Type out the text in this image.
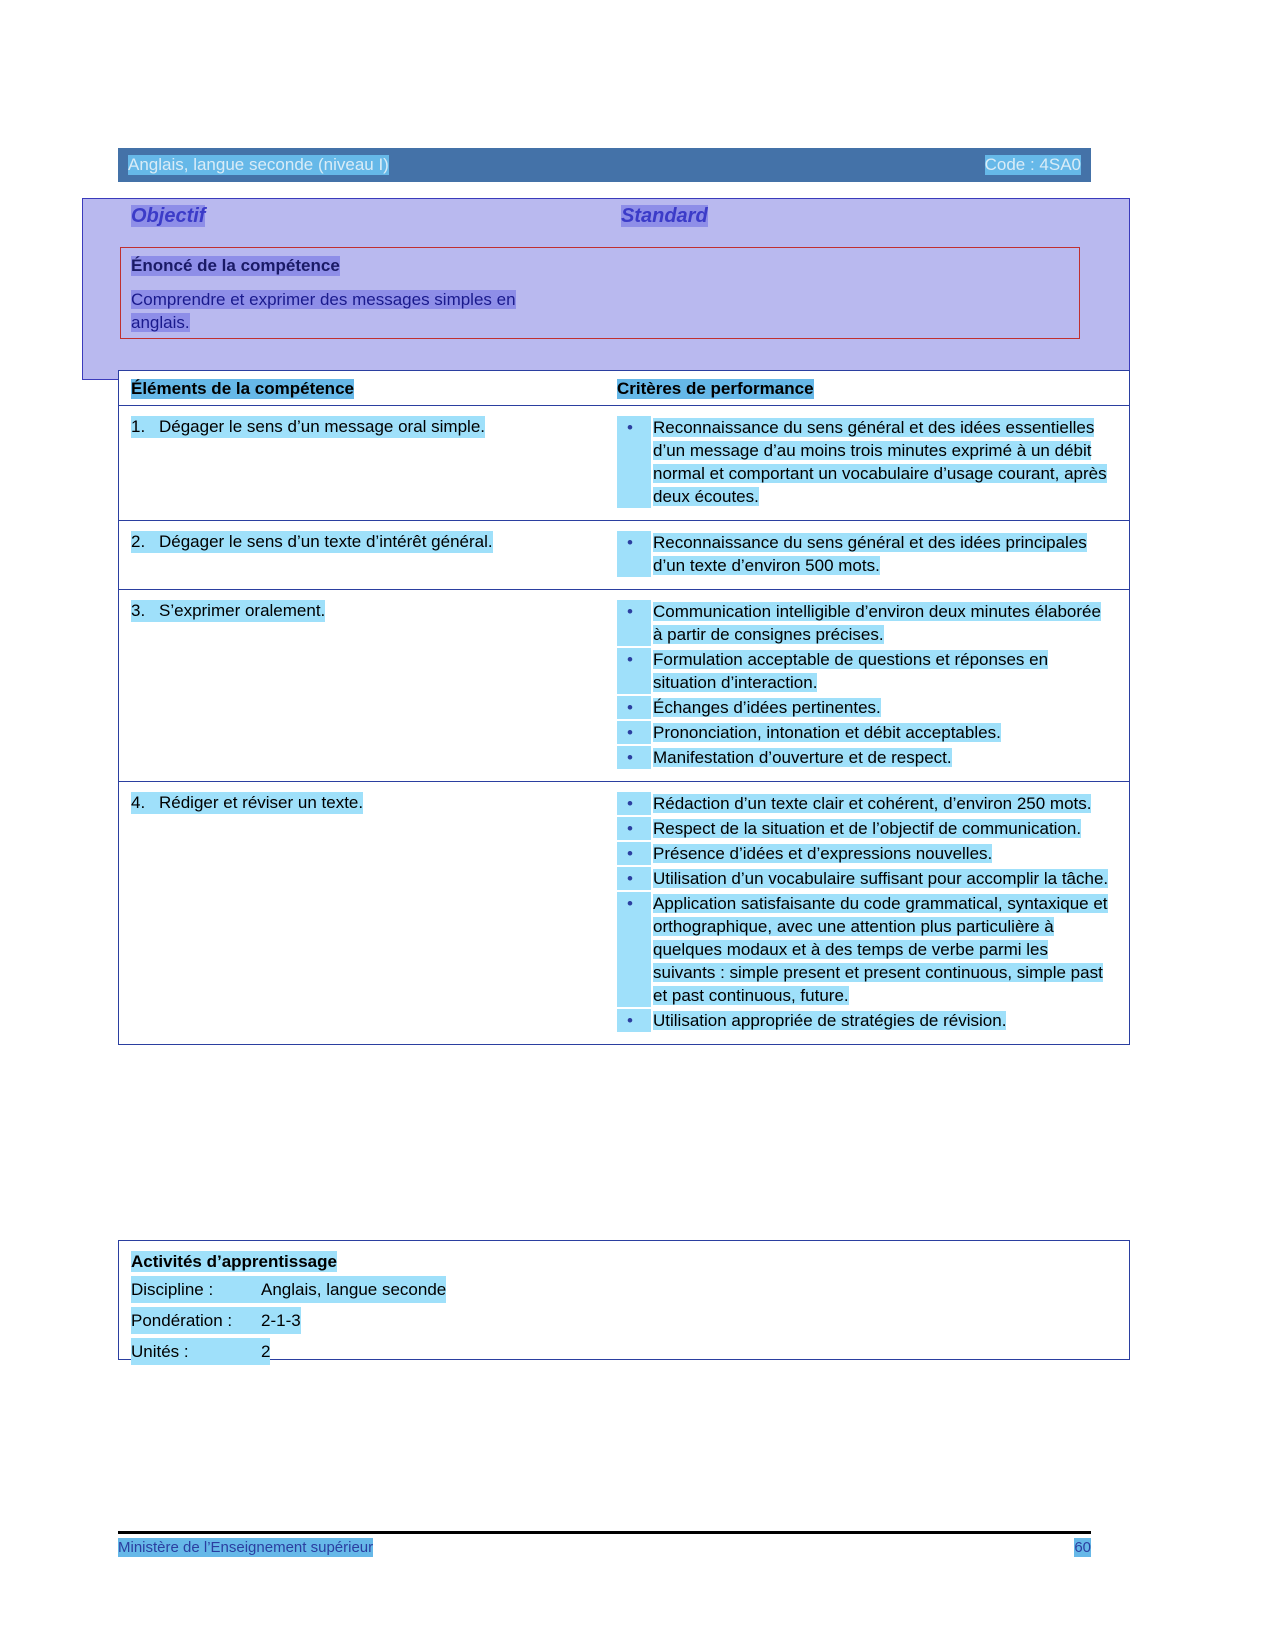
Anglais, langue seconde (niveau I)	Code : 4SA0
Objectif	Standard
Énoncé de la compétence
Comprendre et exprimer des messages simples en
anglais.
Éléments de la compétence	Critères de performance
1. Dégager le sens d’un message oral simple.	•	Reconnaissance du sens général et des idées essentielles d’un message d’au moins trois minutes exprimé à un débit normal et comportant un vocabulaire d’usage courant, après deux écoutes.
2. Dégager le sens d’un texte d’intérêt général.	•	Reconnaissance du sens général et des idées principales d’un texte d’environ 500 mots.
3. S’exprimer oralement.	•	Communication intelligible d’environ deux minutes élaborée à partir de consignes précises.
•	Formulation acceptable de questions et réponses en situation d’interaction.
•	Échanges d’idées pertinentes.
•	Prononciation, intonation et débit acceptables.
•	Manifestation d’ouverture et de respect.
4. Rédiger et réviser un texte.	•	Rédaction d’un texte clair et cohérent, d’environ 250 mots.
•	Respect de la situation et de l’objectif de communication.
•	Présence d’idées et d’expressions nouvelles.
•	Utilisation d’un vocabulaire suffisant pour accomplir la tâche.
•	Application satisfaisante du code grammatical, syntaxique et orthographique, avec une attention plus particulière à quelques modaux et à des temps de verbe parmi les suivants : simple present et present continuous, simple past et past continuous, future.
•	Utilisation appropriée de stratégies de révision.
Activités d’apprentissage
Discipline :	Anglais, langue seconde
Pondération :	2-1-3
Unités :	2
Ministère de l’Enseignement supérieur	60
